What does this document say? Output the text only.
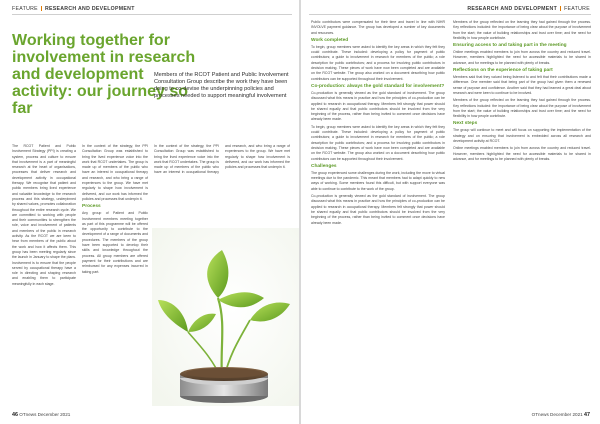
FEATURE RESEARCH AND DEVELOPMENT
Working together for involvement in research and development activity: our journey so far

Members of the RCOT Patient and Public Involvement Consultation Group describe the work they have been doing to co-devise the underpinning policies and processes needed to support meaningful involvement

The RCOT Patient and Public Involvement Strategy (PPI) is creating a system, process and culture to ensure that involvement is a part of meaningful research at the heart of organisations, processes that deliver research and development activity in occupational therapy. We recognise that patient and public members bring lived experience and valuable knowledge to the research process and this strategy, underpinned by shared values, promotes collaboration throughout the entire research cycle. We are committed to working with people and their communities to strengthen the role, voice and involvement of patients and members of the public in research activity. As the RCOT we are keen to hear from members of the public about the work and how it affects them. This group has been meeting regularly since the launch in January to shape the plans. Involvement is to ensure that the people served by occupational therapy have a role in directing and shaping research and enabling them to participate meaningfully in each stage.

In the context of the strategy, the PPI Consultation Group was established to bring the lived experience voice into the work that RCOT undertakes. The group is made up of members of the public who have an interest in occupational therapy and research, and who bring a range of experiences to the group. We have met regularly to shape how involvement is delivered, and our work has informed the policies and processes that underpin it.

Process

Any group of Patient and Public Involvement members meeting together as part of this programme will be offered the opportunity to contribute to the development of a range of documents and procedures. The members of the group have been supported to develop their skills and knowledge throughout the process. All group members are offered payment for their contributions and are reimbursed for any expenses incurred in taking part.

In the context of the strategy, the PPI Consultation Group was established to bring the lived experience voice into the work that RCOT undertakes. The group is made up of members of the public who have an interest in occupational therapy and research, and who bring a range of experiences to the group. We have met regularly to shape how involvement is delivered, and our work has informed the policies and processes that underpin it.

46 OTnews December 2021
RESEARCH AND DEVELOPMENT FEATURE

Public contributors were compensated for their time and travel in line with NIHR INVOLVE payment guidance. The group has developed a number of key documents and resources.

Work completed

To begin, group members were asked to identify the key areas in which they felt they could contribute. These included: developing a policy for payment of public contributors; a guide to involvement in research for members of the public; a role description for public contributors; and a process for involving public contributors in decision making. These pieces of work have now been completed and are available on the RCOT website. The group also worked on a document describing how public contributors can be supported throughout their involvement.

Co-production: always the gold standard for involvement?

Co-production is generally viewed as the gold standard of involvement. The group discussed what this means in practice and how the principles of co-production can be applied to research in occupational therapy. Members felt strongly that power should be shared equally and that public contributors should be involved from the very beginning of the process, rather than being invited to comment once decisions have already been made.

To begin, group members were asked to identify the key areas in which they felt they could contribute. These included: developing a policy for payment of public contributors; a guide to involvement in research for members of the public; a role description for public contributors; and a process for involving public contributors in decision making. These pieces of work have now been completed and are available on the RCOT website. The group also worked on a document describing how public contributors can be supported throughout their involvement.

Challenges

The group experienced some challenges during the work, including the move to virtual meetings due to the pandemic. This meant that members had to adapt quickly to new ways of working. Some members found this difficult, but with support everyone was able to continue to contribute to the work of the group.

Co-production is generally viewed as the gold standard of involvement. The group discussed what this means in practice and how the principles of co-production can be applied to research in occupational therapy. Members felt strongly that power should be shared equally and that public contributors should be involved from the very beginning of the process, rather than being invited to comment once decisions have already been made.

Members of the group reflected on the learning they had gained through the process. Key reflections included: the importance of being clear about the purpose of involvement from the start; the value of building relationships and trust over time; and the need for flexibility in how people contribute.

Ensuring access to and taking part in the meeting

Online meetings enabled members to join from across the country and reduced travel. However, members highlighted the need for accessible materials to be shared in advance, and for meetings to be planned with plenty of breaks.

Reflections on the experience of taking part

Members said that they valued being listened to and felt that their contributions made a difference. One member said that being part of the group had given them a renewed sense of purpose and confidence. Another said that they had learned a great deal about research and were keen to continue to be involved.

Members of the group reflected on the learning they had gained through the process. Key reflections included: the importance of being clear about the purpose of involvement from the start; the value of building relationships and trust over time; and the need for flexibility in how people contribute.

Next steps

The group will continue to meet and will focus on supporting the implementation of the strategy and on ensuring that involvement is embedded across all research and development activity at RCOT.

Online meetings enabled members to join from across the country and reduced travel. However, members highlighted the need for accessible materials to be shared in advance, and for meetings to be planned with plenty of breaks.

OTnews December 2021 47
